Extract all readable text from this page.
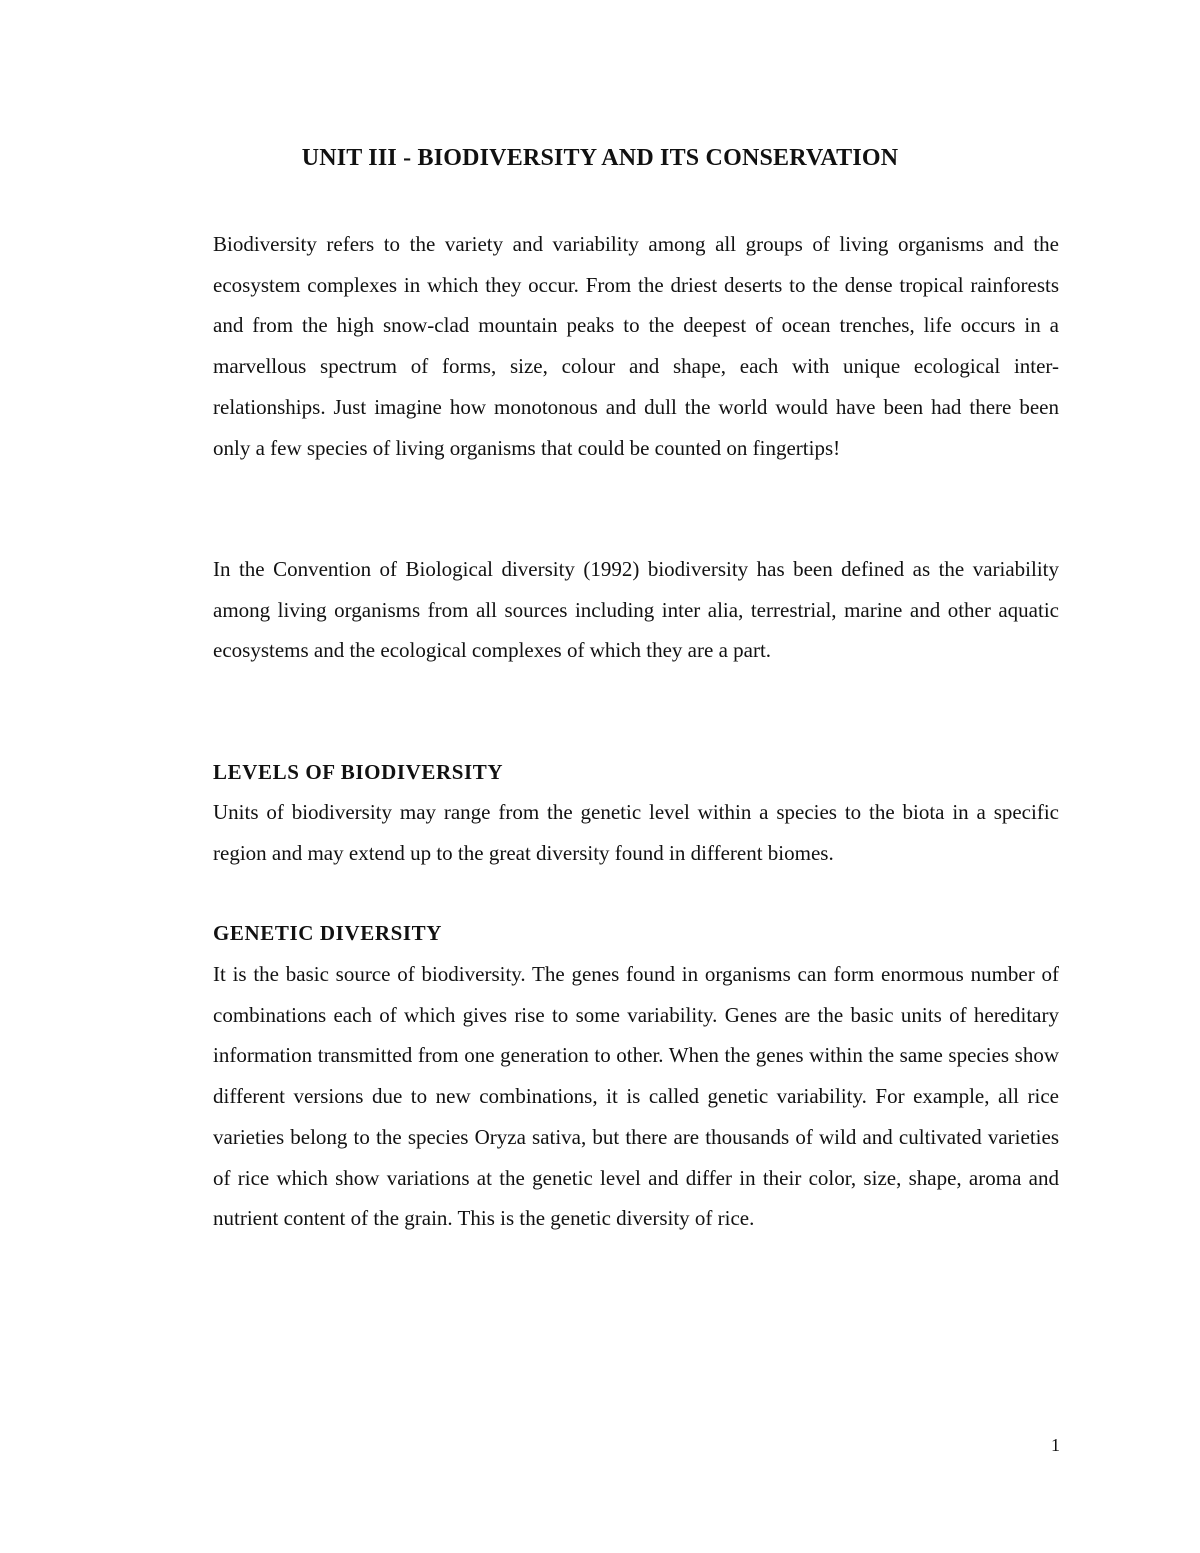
UNIT III - BIODIVERSITY AND ITS CONSERVATION

Biodiversity refers to the variety and variability among all groups of living organisms and the ecosystem complexes in which they occur. From the driest deserts to the dense tropical rainforests and from the high snow-clad mountain peaks to the deepest of ocean trenches, life occurs in a marvellous spectrum of forms, size, colour and shape, each with unique ecological inter-relationships. Just imagine how monotonous and dull the world would have been had there been only a few species of living organisms that could be counted on fingertips!

In the Convention of Biological diversity (1992) biodiversity has been defined as the variability among living organisms from all sources including inter alia, terrestrial, marine and other aquatic ecosystems and the ecological complexes of which they are a part.

LEVELS OF BIODIVERSITY

Units of biodiversity may range from the genetic level within a species to the biota in a specific region and may extend up to the great diversity found in different biomes.

GENETIC DIVERSITY

It is the basic source of biodiversity. The genes found in organisms can form enormous number of combinations each of which gives rise to some variability. Genes are the basic units of hereditary information transmitted from one generation to other. When the genes within the same species show different versions due to new combinations, it is called genetic variability. For example, all rice varieties belong to the species Oryza sativa, but there are thousands of wild and cultivated varieties of rice which show variations at the genetic level and differ in their color, size, shape, aroma and nutrient content of the grain. This is the genetic diversity of rice.

1
